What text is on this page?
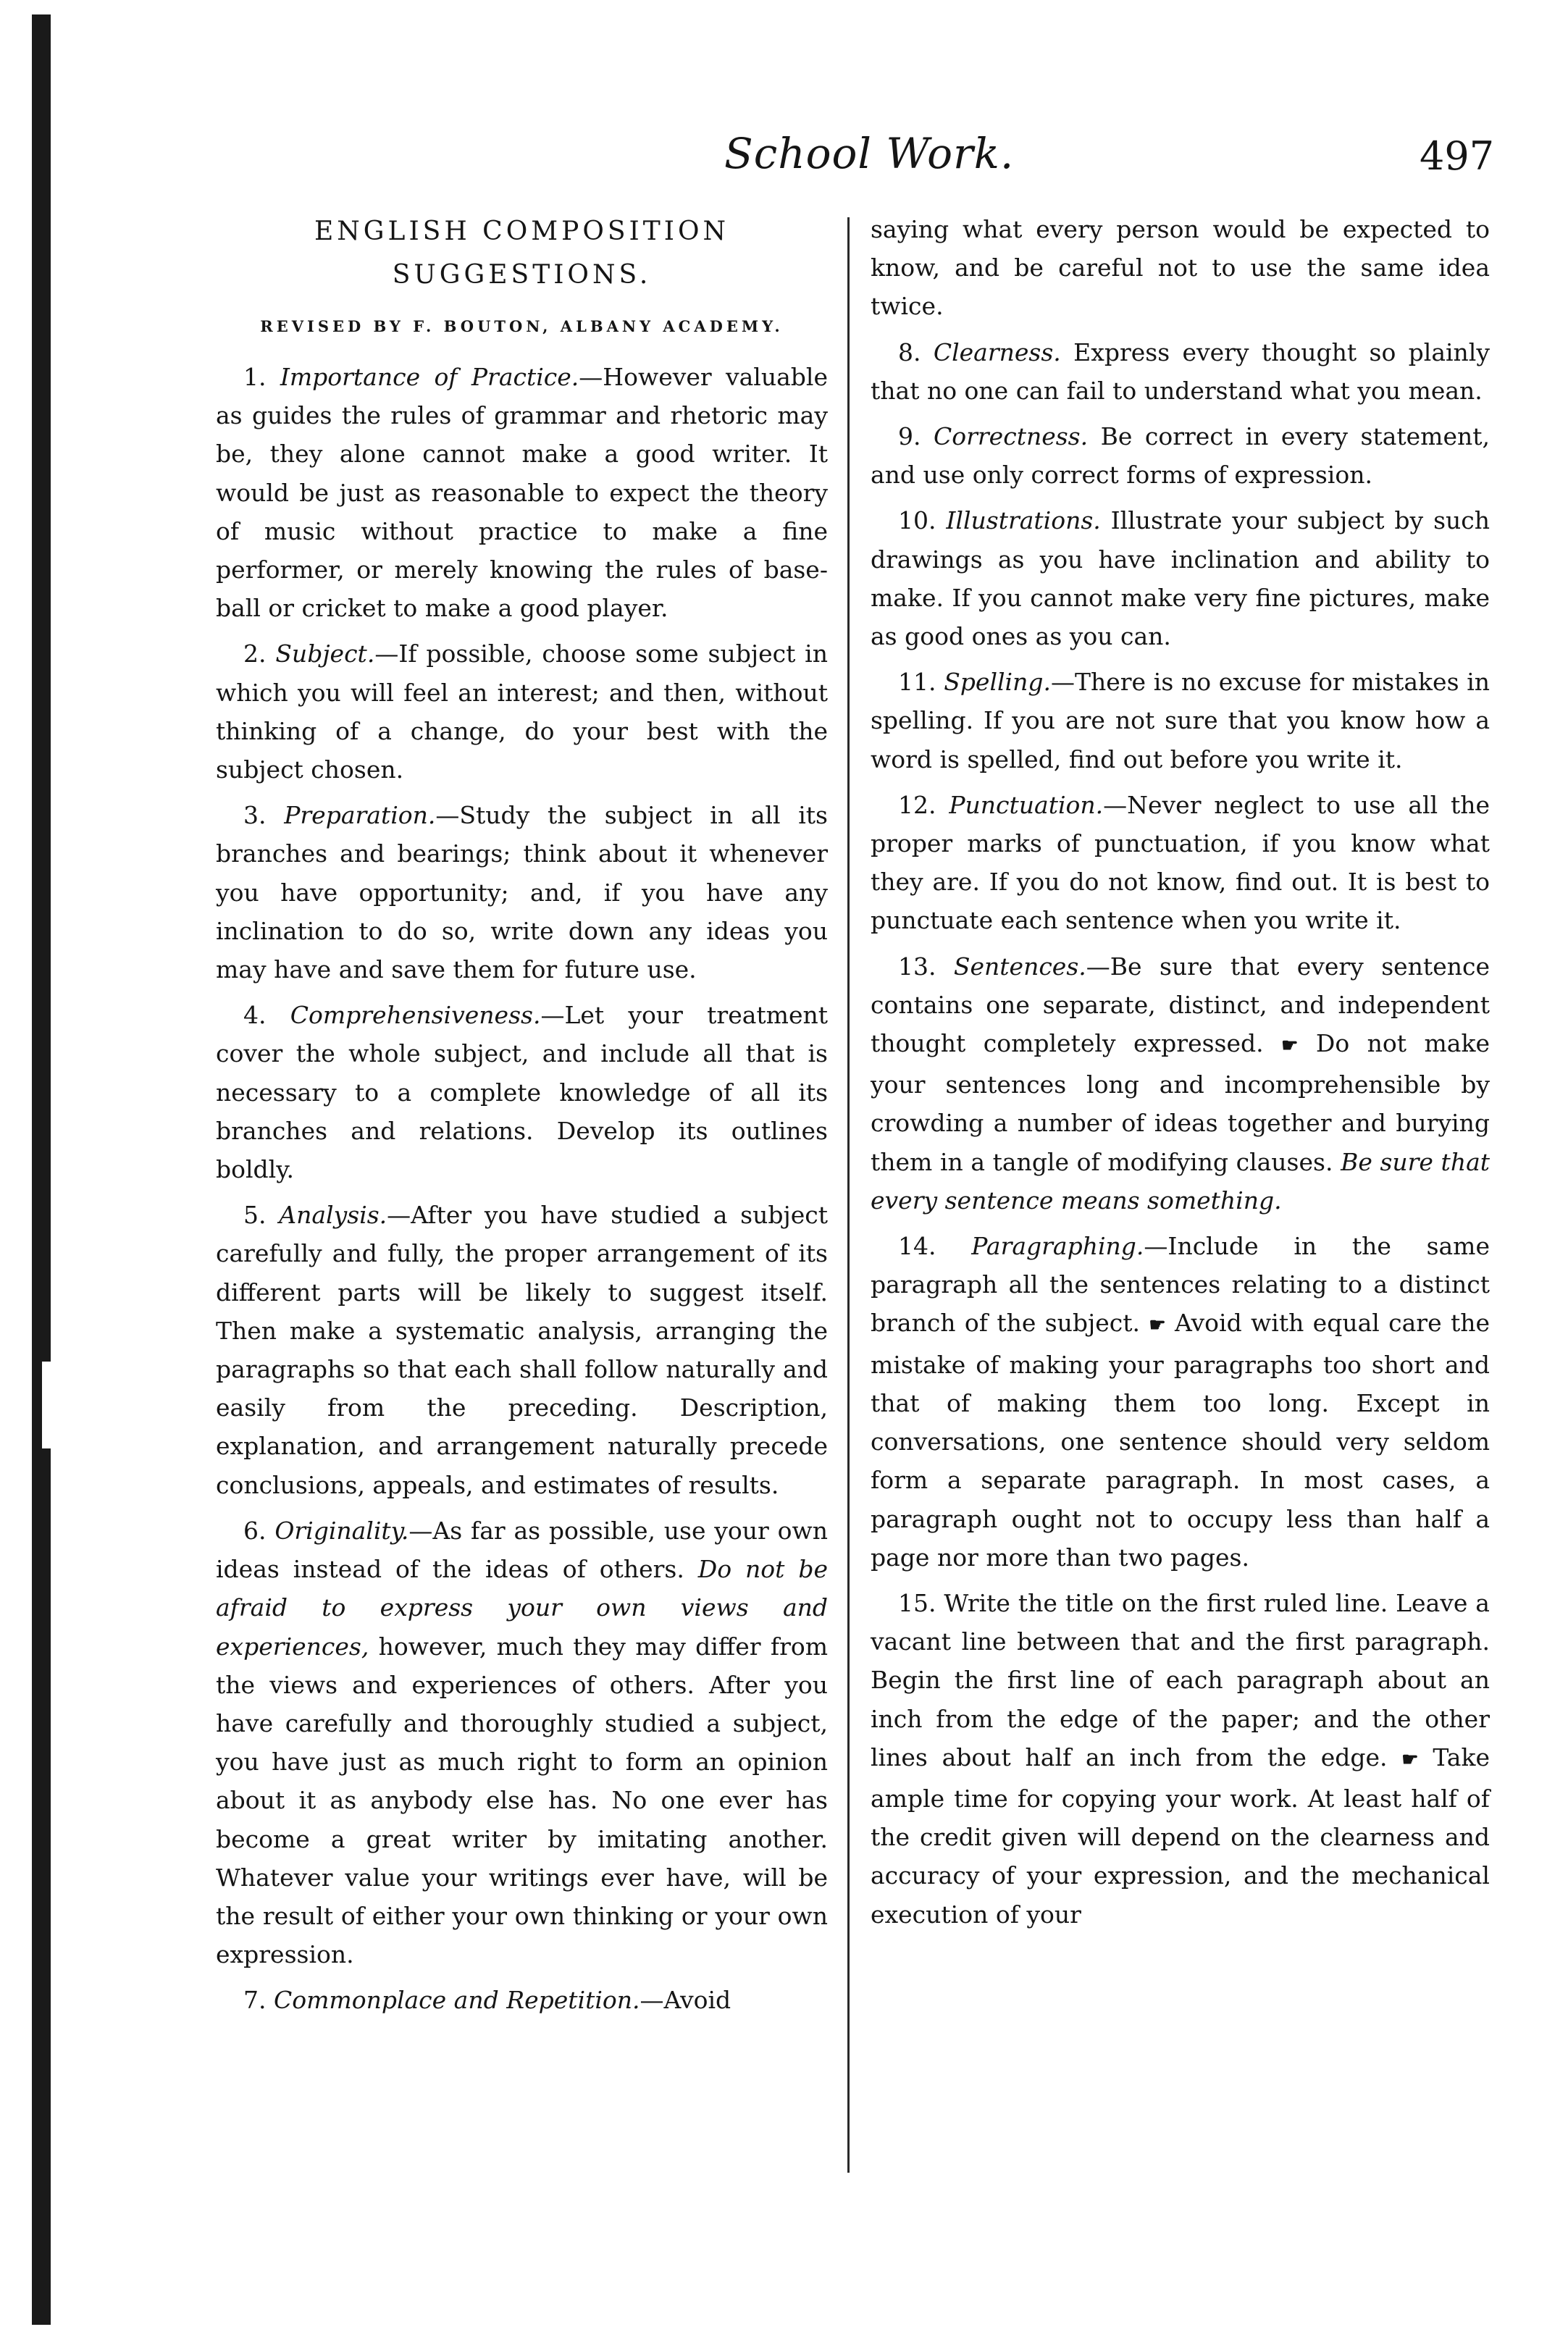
School Work.	497
ENGLISH COMPOSITION SUGGESTIONS.
REVISED BY F. BOUTON, ALBANY ACADEMY.

1. Importance of Practice.—However valuable as guides the rules of grammar and rhetoric may be, they alone cannot make a good writer. It would be just as reasonable to expect the theory of music without practice to make a fine performer, or merely knowing the rules of base-ball or cricket to make a good player.

2. Subject.—If possible, choose some subject in which you will feel an interest; and then, without thinking of a change, do your best with the subject chosen.

3. Preparation.—Study the subject in all its branches and bearings; think about it whenever you have opportunity; and, if you have any inclination to do so, write down any ideas you may have and save them for future use.

4. Comprehensiveness.—Let your treatment cover the whole subject, and include all that is necessary to a complete knowledge of all its branches and relations. Develop its outlines boldly.

5. Analysis.—After you have studied a subject carefully and fully, the proper arrangement of its different parts will be likely to suggest itself. Then make a systematic analysis, arranging the paragraphs so that each shall follow naturally and easily from the preceding. Description, explanation, and arrangement naturally precede conclusions, appeals, and estimates of results.

6. Originality.—As far as possible, use your own ideas instead of the ideas of others. Do not be afraid to express your own views and experiences, however, much they may differ from the views and experiences of others. After you have carefully and thoroughly studied a subject, you have just as much right to form an opinion about it as anybody else has. No one ever has become a great writer by imitating another. Whatever value your writings ever have, will be the result of either your own thinking or your own expression.

7. Commonplace and Repetition.—Avoid

saying what every person would be expected to know, and be careful not to use the same idea twice.

8. Clearness. Express every thought so plainly that no one can fail to understand what you mean.

9. Correctness. Be correct in every statement, and use only correct forms of expression.

10. Illustrations. Illustrate your subject by such drawings as you have inclination and ability to make. If you cannot make very fine pictures, make as good ones as you can.

11. Spelling.—There is no excuse for mistakes in spelling. If you are not sure that you know how a word is spelled, find out before you write it.

12. Punctuation.—Never neglect to use all the proper marks of punctuation, if you know what they are. If you do not know, find out. It is best to punctuate each sentence when you write it.

13. Sentences.—Be sure that every sentence contains one separate, distinct, and independent thought completely expressed. ☛ Do not make your sentences long and incomprehensible by crowding a number of ideas together and burying them in a tangle of modifying clauses. Be sure that every sentence means something.

14. Paragraphing.—Include in the same paragraph all the sentences relating to a distinct branch of the subject. ☛ Avoid with equal care the mistake of making your paragraphs too short and that of making them too long. Except in conversations, one sentence should very seldom form a separate paragraph. In most cases, a paragraph ought not to occupy less than half a page nor more than two pages.

15. Write the title on the first ruled line. Leave a vacant line between that and the first paragraph. Begin the first line of each paragraph about an inch from the edge of the paper; and the other lines about half an inch from the edge. ☛ Take ample time for copying your work. At least half of the credit given will depend on the clearness and accuracy of your expression, and the mechanical execution of your
